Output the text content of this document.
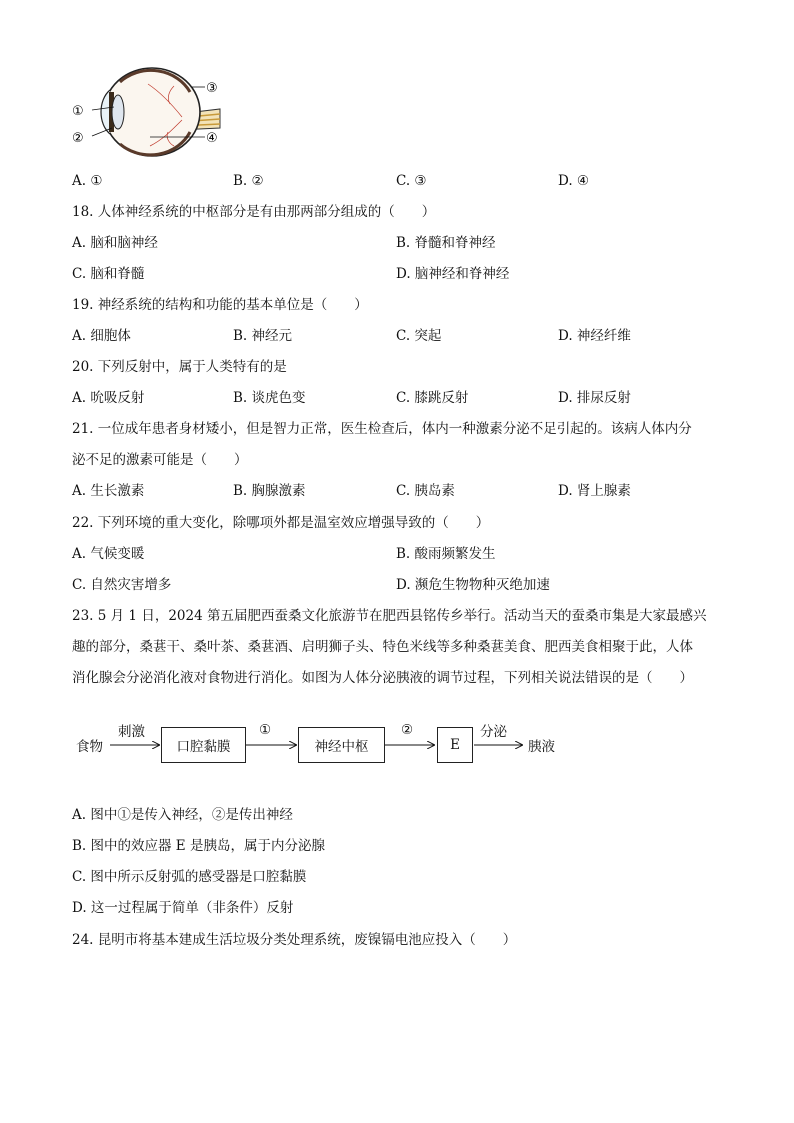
①
②
③
④
A. ①	B. ②	C. ③	D. ④
18. 人体神经系统的中枢部分是有由那两部分组成的（　　）
A. 脑和脑神经	B. 脊髓和脊神经
C. 脑和脊髓	D. 脑神经和脊神经
19. 神经系统的结构和功能的基本单位是（　　）
A. 细胞体	B. 神经元	C. 突起	D. 神经纤维
20. 下列反射中，属于人类特有的是
A. 吮吸反射	B. 谈虎色变	C. 膝跳反射	D. 排尿反射
21. 一位成年患者身材矮小，但是智力正常，医生检查后，体内一种激素分泌不足引起的。该病人体内分
泌不足的激素可能是（　　）
A. 生长激素	B. 胸腺激素	C. 胰岛素	D. 肾上腺素
22. 下列环境的重大变化，除哪项外都是温室效应增强导致的（　　）
A. 气候变暖	B. 酸雨频繁发生
C. 自然灾害增多	D. 濒危生物物种灭绝加速
23. 5 月 1 日，2024 第五届肥西蚕桑文化旅游节在肥西县铭传乡举行。活动当天的蚕桑市集是大家最感兴
趣的部分，桑葚干、桑叶茶、桑葚酒、启明狮子头、特色米线等多种桑葚美食、肥西美食相聚于此，人体
消化腺会分泌消化液对食物进行消化。如图为人体分泌胰液的调节过程，下列相关说法错误的是（　　）
食物
刺激
口腔黏膜
①
神经中枢
②
E
分泌
胰液
A. 图中①是传入神经，②是传出神经
B. 图中的效应器 E 是胰岛，属于内分泌腺
C. 图中所示反射弧的感受器是口腔黏膜
D. 这一过程属于简单（非条件）反射
24. 昆明市将基本建成生活垃圾分类处理系统，废镍镉电池应投入（　　）
